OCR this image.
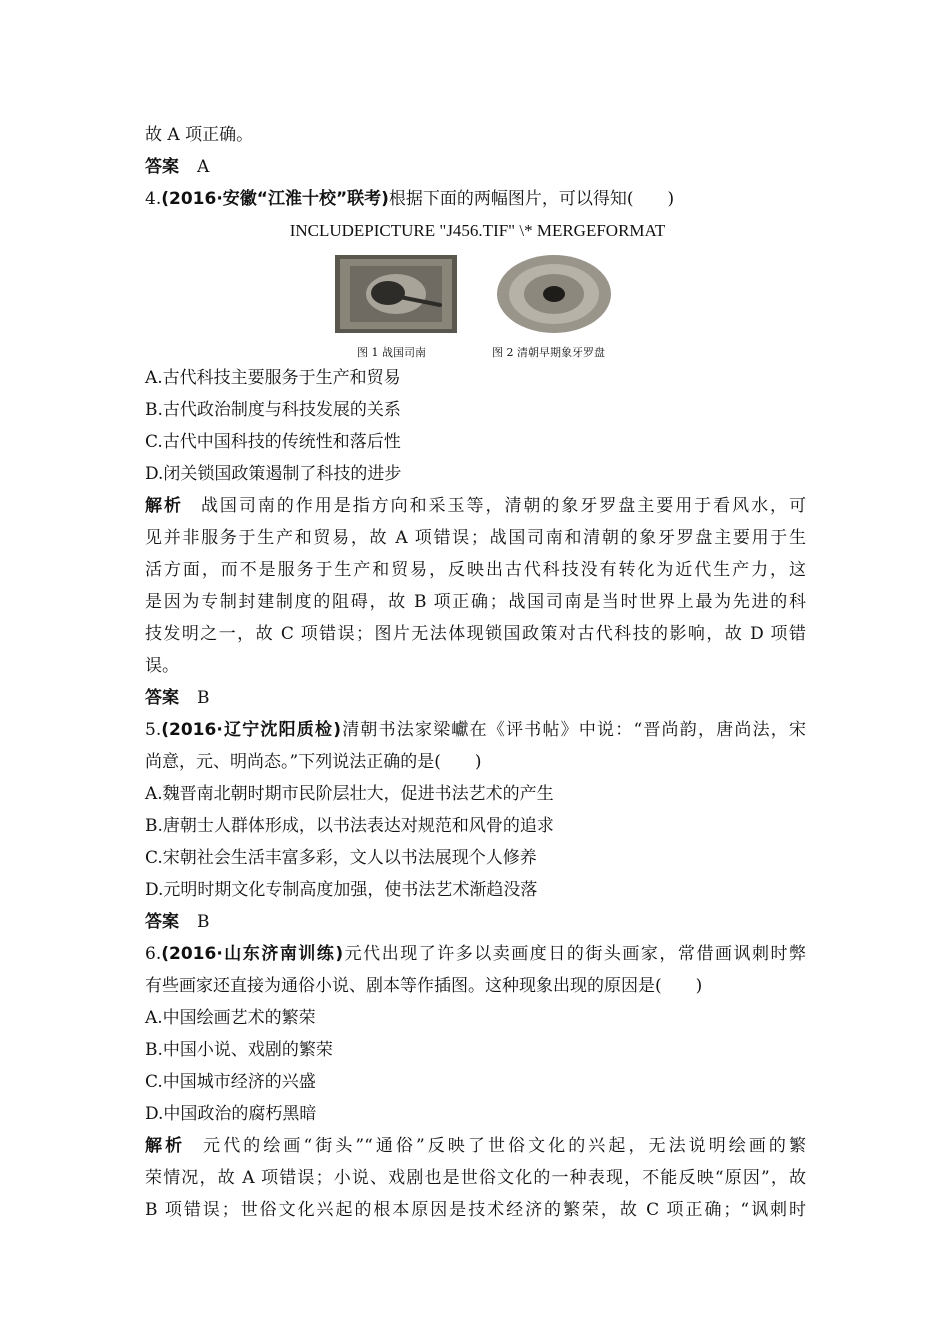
故 A 项正确。
答案 A
4.(2016·安徽“江淮十校”联考)根据下面的两幅图片，可以得知(　　)
INCLUDEPICTURE "J456.TIF" \* MERGEFORMAT
图 1 战国司南	图 2 清朝早期象牙罗盘
A.古代科技主要服务于生产和贸易
B.古代政治制度与科技发展的关系
C.古代中国科技的传统性和落后性
D.闭关锁国政策遏制了科技的进步
解析 战国司南的作用是指方向和采玉等，清朝的象牙罗盘主要用于看风水，可
见并非服务于生产和贸易，故 A 项错误；战国司南和清朝的象牙罗盘主要用于生
活方面，而不是服务于生产和贸易，反映出古代科技没有转化为近代生产力，这
是因为专制封建制度的阻碍，故 B 项正确；战国司南是当时世界上最为先进的科
技发明之一，故 C 项错误；图片无法体现锁国政策对古代科技的影响，故 D 项错
误。
答案 B
5.(2016·辽宁沈阳质检)清朝书法家梁巘在《评书帖》中说：“晋尚韵，唐尚法，宋
尚意，元、明尚态。”下列说法正确的是(　　)
A.魏晋南北朝时期市民阶层壮大，促进书法艺术的产生
B.唐朝士人群体形成，以书法表达对规范和风骨的追求
C.宋朝社会生活丰富多彩，文人以书法展现个人修养
D.元明时期文化专制高度加强，使书法艺术渐趋没落
答案 B
6.(2016·山东济南训练)元代出现了许多以卖画度日的街头画家，常借画讽刺时弊
有些画家还直接为通俗小说、剧本等作插图。这种现象出现的原因是(　　)
A.中国绘画艺术的繁荣
B.中国小说、戏剧的繁荣
C.中国城市经济的兴盛
D.中国政治的腐朽黑暗
解析 元代的绘画“街头”“通俗”反映了世俗文化的兴起，无法说明绘画的繁
荣情况，故 A 项错误；小说、戏剧也是世俗文化的一种表现，不能反映“原因”，故
B 项错误；世俗文化兴起的根本原因是技术经济的繁荣，故 C 项正确；“讽刺时
